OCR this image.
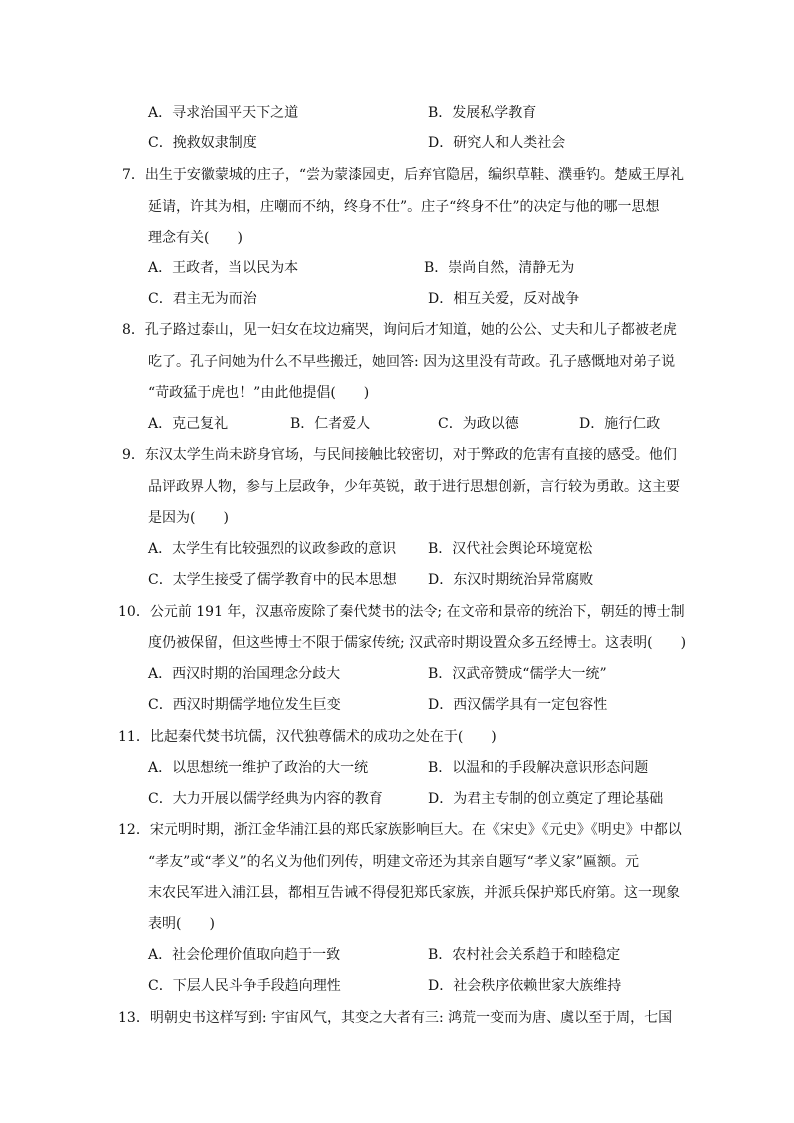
A．寻求治国平天下之道	B．发展私学教育
C．挽救奴隶制度	D．研究人和人类社会
7．出生于安徽蒙城的庄子，“尝为蒙漆园吏，后弃官隐居，编织草鞋、濮垂钓。楚威王厚礼
延请，许其为相，庄嘲而不纳，终身不仕”。庄子“终身不仕”的决定与他的哪一思想
理念有关(　　)
A．王政者，当以民为本	B．崇尚自然，清静无为
C．君主无为而治	D．相互关爱，反对战争
8．孔子路过泰山，见一妇女在坟边痛哭，询问后才知道，她的公公、丈夫和儿子都被老虎
吃了。孔子问她为什么不早些搬迁，她回答: 因为这里没有苛政。孔子感慨地对弟子说
“苛政猛于虎也！”由此他提倡(　　)
A．克己复礼	B．仁者爱人	C．为政以德	D．施行仁政
9．东汉太学生尚未跻身官场，与民间接触比较密切，对于弊政的危害有直接的感受。他们
品评政界人物，参与上层政争，少年英锐，敢于进行思想创新，言行较为勇敢。这主要
是因为(　　)
A．太学生有比较强烈的议政参政的意识 B．汉代社会舆论环境宽松
C．太学生接受了儒学教育中的民本思想 D．东汉时期统治异常腐败
10．公元前 191 年，汉惠帝废除了秦代焚书的法令; 在文帝和景帝的统治下，朝廷的博士制
度仍被保留，但这些博士不限于儒家传统; 汉武帝时期设置众多五经博士。这表明(　　)
A．西汉时期的治国理念分歧大	B．汉武帝赞成“儒学大一统”
C．西汉时期儒学地位发生巨变	D．西汉儒学具有一定包容性
11．比起秦代焚书坑儒，汉代独尊儒术的成功之处在于(　　)
A．以思想统一维护了政治的大一统	B．以温和的手段解决意识形态问题
C．大力开展以儒学经典为内容的教育	D．为君主专制的创立奠定了理论基础
12．宋元明时期，浙江金华浦江县的郑氏家族影响巨大。在《宋史》《元史》《明史》中都以
“孝友”或“孝义”的名义为他们列传，明建文帝还为其亲自题写“孝义家”匾额。元
末农民军进入浦江县，都相互告诫不得侵犯郑氏家族，并派兵保护郑氏府第。这一现象
表明(　　)
A．社会伦理价值取向趋于一致	B．农村社会关系趋于和睦稳定
C．下层人民斗争手段趋向理性	D．社会秩序依赖世家大族维持
13．明朝史书这样写到: 宇宙风气，其变之大者有三: 鸿荒一变而为唐、虞以至于周，七国
